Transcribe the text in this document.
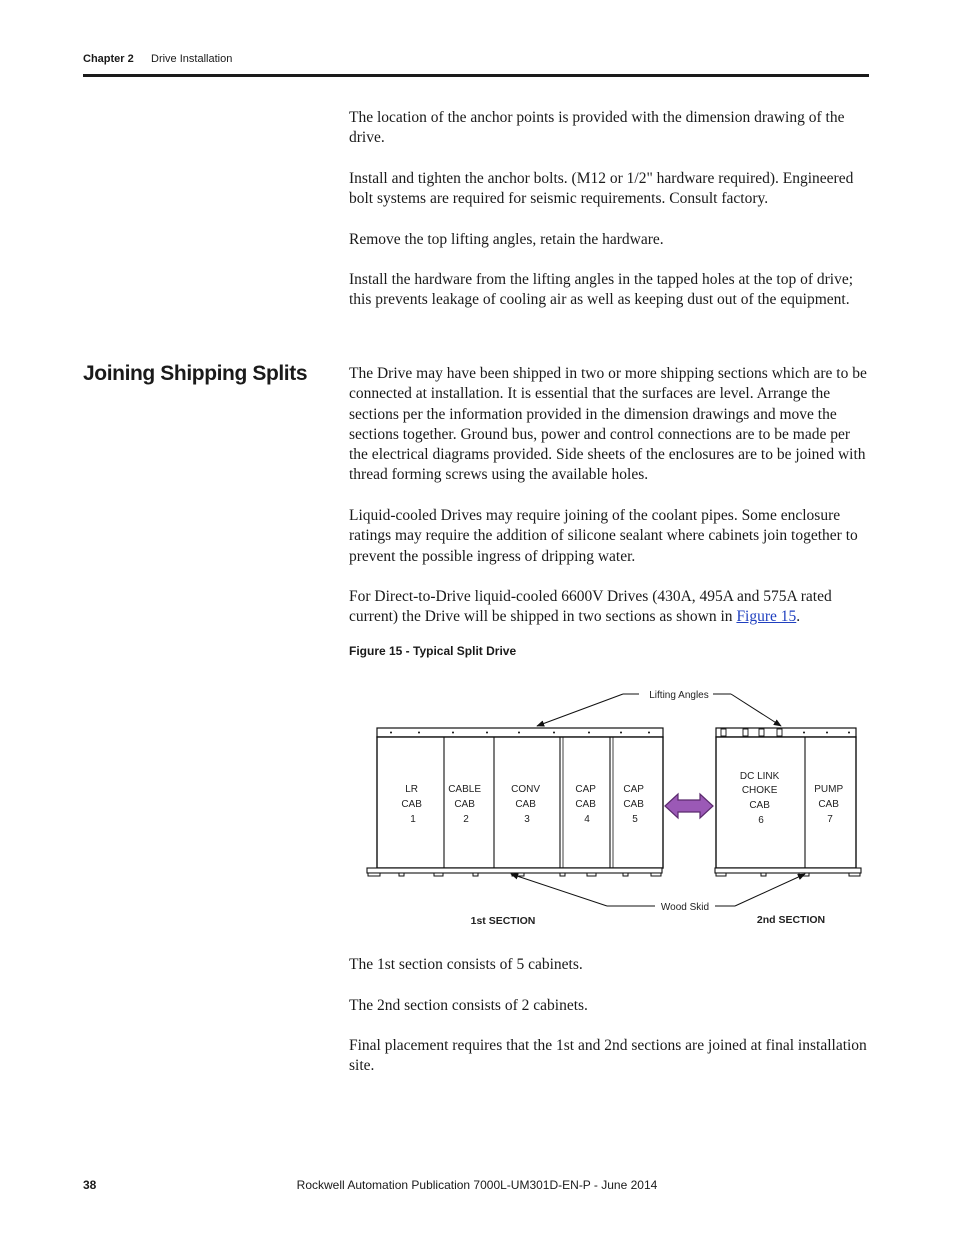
Chapter 2 Drive Installation

The location of the anchor points is provided with the dimension drawing of the drive.

Install and tighten the anchor bolts. (M12 or 1/2" hardware required). Engineered bolt systems are required for seismic requirements. Consult factory.

Remove the top lifting angles, retain the hardware.

Install the hardware from the lifting angles in the tapped holes at the top of drive; this prevents leakage of cooling air as well as keeping dust out of the equipment.

Joining Shipping Splits	The Drive may have been shipped in two or more shipping sections which are to be connected at installation. It is essential that the surfaces are level. Arrange the sections per the information provided in the dimension drawings and move the sections together. Ground bus, power and control connections are to be made per the electrical diagrams provided. Side sheets of the enclosures are to be joined with thread forming screws using the available holes.

Liquid-cooled Drives may require joining of the coolant pipes. Some enclosure ratings may require the addition of silicone sealant where cabinets join together to prevent the possible ingress of dripping water.

For Direct-to-Drive liquid-cooled 6600V Drives (430A, 495A and 575A rated current) the Drive will be shipped in two sections as shown in Figure 15.

Figure 15 - Typical Split Drive
LR CAB 1
CABLE CAB 2
CONV CAB 3
CAP CAB 4
CAP CAB 5
DC LINK CHOKE CAB 6
PUMP CAB 7
Lifting Angles
Wood Skid
1st SECTION	2nd SECTION

The 1st section consists of 5 cabinets.

The 2nd section consists of 2 cabinets.

Final placement requires that the 1st and 2nd sections are joined at final installation site.

38	Rockwell Automation Publication 7000L-UM301D-EN-P - June 2014
